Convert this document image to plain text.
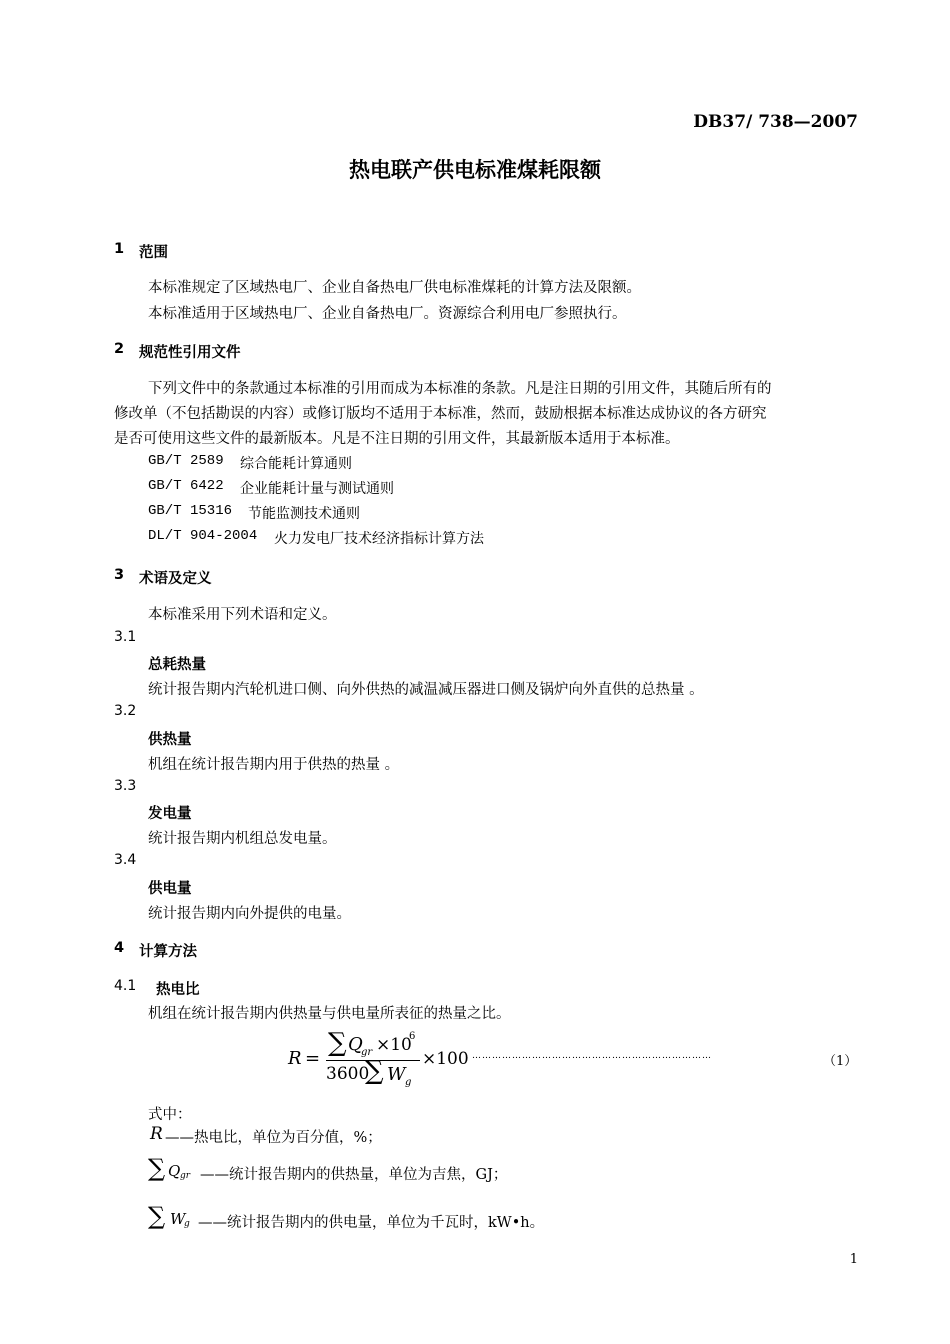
DB37/ 738—2007
热电联产供电标准煤耗限额
1 范围
本标准规定了区域热电厂、企业自备热电厂供电标准煤耗的计算方法及限额。
本标准适用于区域热电厂、企业自备热电厂。资源综合利用电厂参照执行。
2 规范性引用文件
下列文件中的条款通过本标准的引用而成为本标准的条款。凡是注日期的引用文件，其随后所有的
修改单（不包括勘误的内容）或修订版均不适用于本标准，然而，鼓励根据本标准达成协议的各方研究
是否可使用这些文件的最新版本。凡是不注日期的引用文件，其最新版本适用于本标准。
GB/T 2589 综合能耗计算通则
GB/T 6422 企业能耗计量与测试通则
GB/T 15316 节能监测技术通则
DL/T 904-2004 火力发电厂技术经济指标计算方法
3 术语及定义
本标准采用下列术语和定义。
3.1
总耗热量
统计报告期内汽轮机进口侧、向外供热的减温减压器进口侧及锅炉向外直供的总热量 。
3.2
供热量
机组在统计报告期内用于供热的热量 。
3.3
发电量
统计报告期内机组总发电量。
3.4
供电量
统计报告期内向外提供的电量。
4 计算方法
4.1 热电比
机组在统计报告期内供热量与供电量所表征的热量之比。
R =
∑ Q
gr ×10
6
3600
∑ W g
×100 ………………………………………………………………	（1）
式中：
R ——热电比，单位为百分值，%；
∑ Q gr ——统计报告期内的供热量，单位为吉焦，GJ；
∑ W
g ——统计报告期内的供电量，单位为千瓦时，kW•h。
1
